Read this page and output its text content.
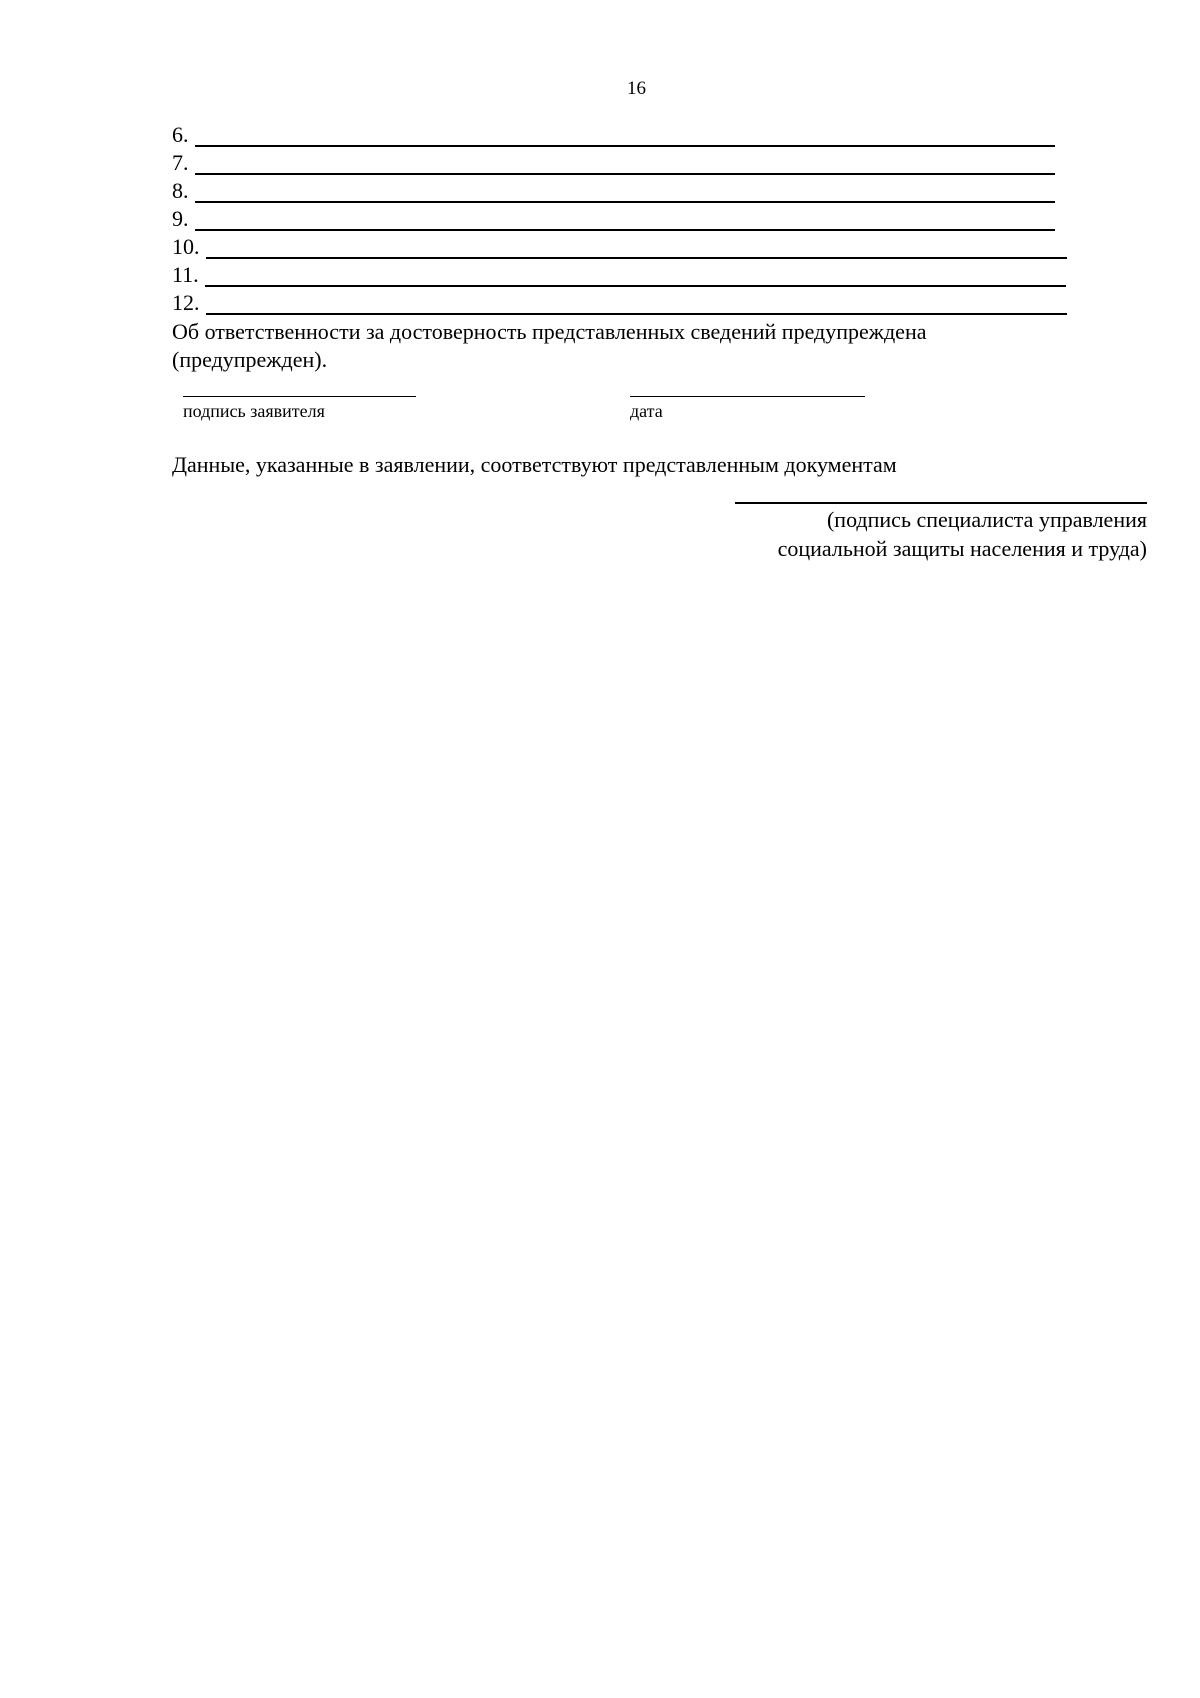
16
6.
7.
8.
9.
10.
11.
12.
Об ответственности за достоверность представленных сведений предупреждена
(предупрежден).
подпись заявителя	дата
Данные, указанные в заявлении, соответствуют представленным документам
(подпись специалиста управления
социальной защиты населения и труда)
